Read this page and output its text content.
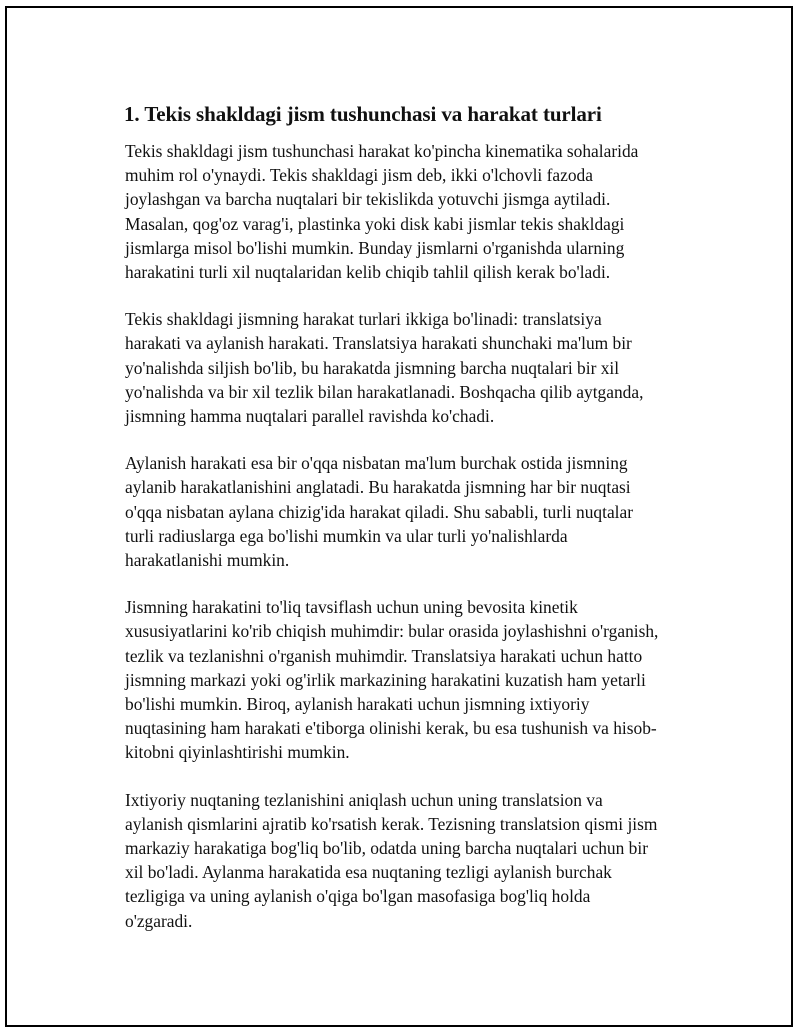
1. Tekis shakldagi jism tushunchasi va harakat turlari

Tekis shakldagi jism tushunchasi harakat ko'pincha kinematika sohalarida
muhim rol o'ynaydi. Tekis shakldagi jism deb, ikki o'lchovli fazoda
joylashgan va barcha nuqtalari bir tekislikda yotuvchi jismga aytiladi.
Masalan, qog'oz varag'i, plastinka yoki disk kabi jismlar tekis shakldagi
jismlarga misol bo'lishi mumkin. Bunday jismlarni o'rganishda ularning
harakatini turli xil nuqtalaridan kelib chiqib tahlil qilish kerak bo'ladi.

Tekis shakldagi jismning harakat turlari ikkiga bo'linadi: translatsiya
harakati va aylanish harakati. Translatsiya harakati shunchaki ma'lum bir
yo'nalishda siljish bo'lib, bu harakatda jismning barcha nuqtalari bir xil
yo'nalishda va bir xil tezlik bilan harakatlanadi. Boshqacha qilib aytganda,
jismning hamma nuqtalari parallel ravishda ko'chadi.

Aylanish harakati esa bir o'qqa nisbatan ma'lum burchak ostida jismning
aylanib harakatlanishini anglatadi. Bu harakatda jismning har bir nuqtasi
o'qqa nisbatan aylana chizig'ida harakat qiladi. Shu sababli, turli nuqtalar
turli radiuslarga ega bo'lishi mumkin va ular turli yo'nalishlarda
harakatlanishi mumkin.

Jismning harakatini to'liq tavsiflash uchun uning bevosita kinetik
xususiyatlarini ko'rib chiqish muhimdir: bular orasida joylashishni o'rganish,
tezlik va tezlanishni o'rganish muhimdir. Translatsiya harakati uchun hatto
jismning markazi yoki og'irlik markazining harakatini kuzatish ham yetarli
bo'lishi mumkin. Biroq, aylanish harakati uchun jismning ixtiyoriy
nuqtasining ham harakati e'tiborga olinishi kerak, bu esa tushunish va hisob-
kitobni qiyinlashtirishi mumkin.

Ixtiyoriy nuqtaning tezlanishini aniqlash uchun uning translatsion va
aylanish qismlarini ajratib ko'rsatish kerak. Tezisning translatsion qismi jism
markaziy harakatiga bog'liq bo'lib, odatda uning barcha nuqtalari uchun bir
xil bo'ladi. Aylanma harakatida esa nuqtaning tezligi aylanish burchak
tezligiga va uning aylanish o'qiga bo'lgan masofasiga bog'liq holda
o'zgaradi.
